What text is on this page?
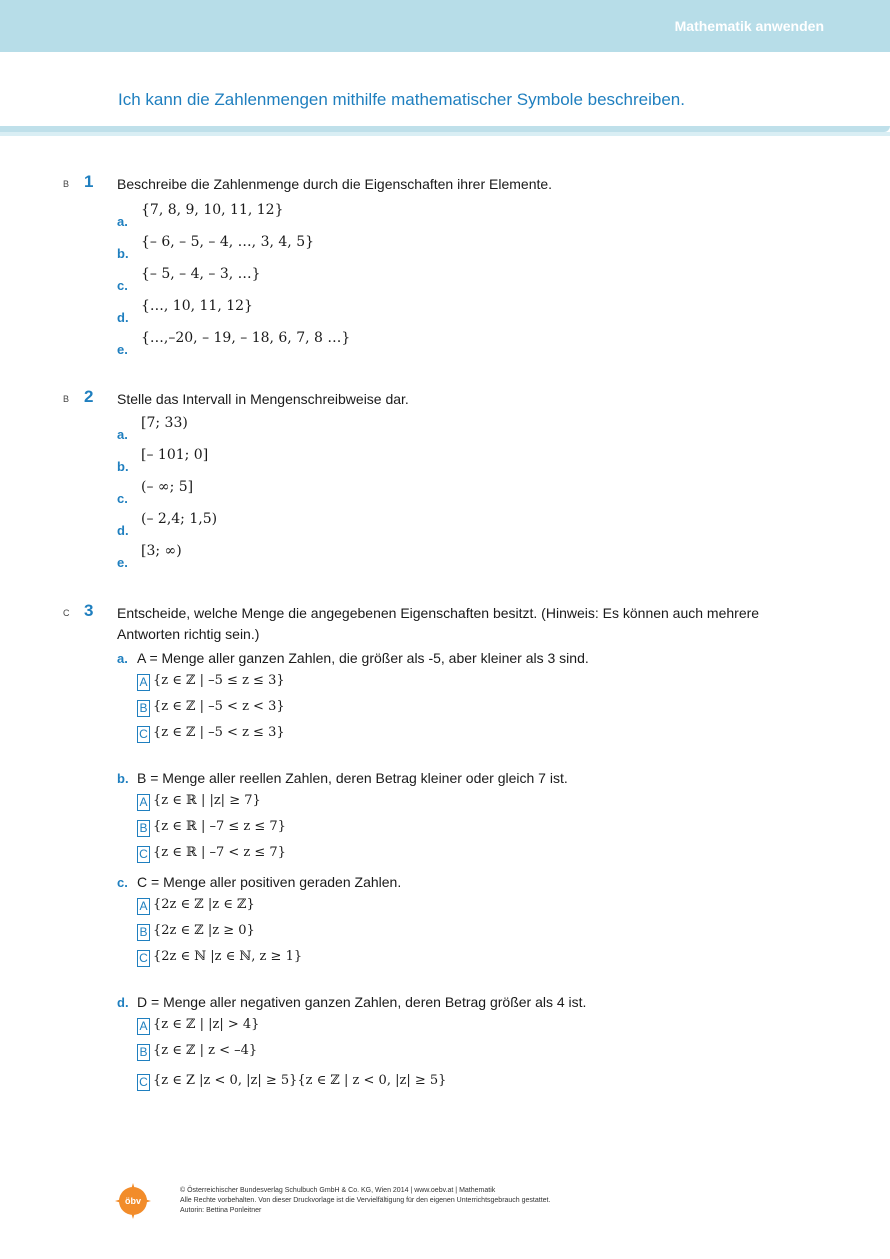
Mathematik anwenden
Ich kann die Zahlenmengen mithilfe mathematischer Symbole beschreiben.
B 1 Beschreibe die Zahlenmenge durch die Eigenschaften ihrer Elemente.
a.
{7, 8, 9, 10, 11, 12}
b.
{– 6, – 5, – 4, …, 3, 4, 5}
c.
{– 5, – 4, – 3, …}
d.
{…, 10, 11, 12}
e.
{…,–20, – 19, – 18, 6, 7, 8 …}
B 2 Stelle das Intervall in Mengenschreibweise dar.
a.
[7; 33)
b.
[– 101; 0]
c.
(– ∞; 5]
d.
(– 2,4; 1,5)
e.
[3; ∞)
C 3 Entscheide, welche Menge die angegebenen Eigenschaften besitzt. (Hinweis: Es können auch mehrere Antworten richtig sein.)
a. A = Menge aller ganzen Zahlen, die größer als -5, aber kleiner als 3 sind.
A {z ∈ ℤ | –5 ≤ z ≤ 3}
B {z ∈ ℤ | –5 < z < 3}
C {z ∈ ℤ | –5 < z ≤ 3}
b. B = Menge aller reellen Zahlen, deren Betrag kleiner oder gleich 7 ist.
A {z ∈ ℝ | |z| ≥ 7}
B {z ∈ ℝ | –7 ≤ z ≤ 7}
C {z ∈ ℝ | –7 < z ≤ 7}
c. C = Menge aller positiven geraden Zahlen.
A {2z ∈ ℤ |z ∈ ℤ}
B {2z ∈ ℤ |z ≥ 0}
C {2z ∈ ℕ |z ∈ ℕ, z ≥ 1}
d. D = Menge aller negativen ganzen Zahlen, deren Betrag größer als 4 ist.
A {z ∈ ℤ | |z| > 4}
B {z ∈ ℤ | z < –4}
C {z ∈ Z |z < 0, |z| ≥ 5}{z ∈ ℤ | z < 0, |z| ≥ 5}
öbv
© Österreichischer Bundesverlag Schulbuch GmbH & Co. KG, Wien 2014 | www.oebv.at | Mathematik
Alle Rechte vorbehalten. Von dieser Druckvorlage ist die Vervielfältigung für den eigenen Unterrichtsgebrauch gestattet.
Autorin: Bettina Ponleitner
